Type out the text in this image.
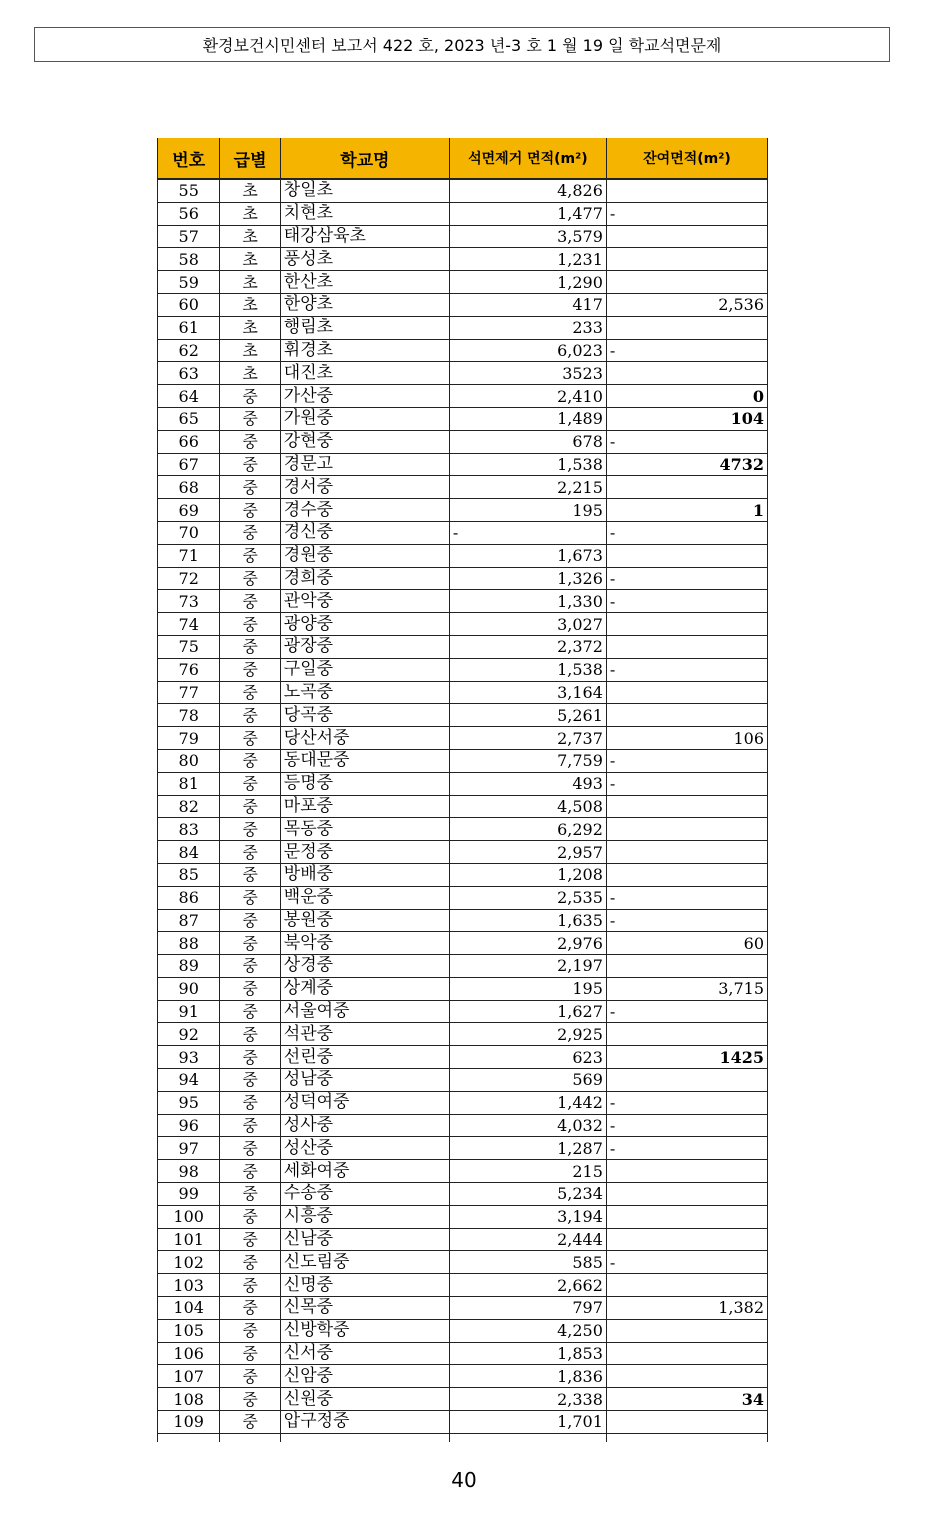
환경보건시민센터 보고서 422 호, 2023 년-3 호 1 월 19 일 학교석면문제
번호	급별	학교명	석면제거 면적(m²)	잔여면적(m²)
55	초	창일초	4,826	
56	초	치현초	1,477	-
57	초	태강삼육초	3,579	
58	초	풍성초	1,231	
59	초	한산초	1,290	
60	초	한양초	417	2,536
61	초	행림초	233	
62	초	휘경초	6,023	-
63	초	대진초	3523	
64	중	가산중	2,410	0
65	중	가원중	1,489	104
66	중	강현중	678	-
67	중	경문고	1,538	4732
68	중	경서중	2,215	
69	중	경수중	195	1
70	중	경신중	-	-
71	중	경원중	1,673	
72	중	경희중	1,326	-
73	중	관악중	1,330	-
74	중	광양중	3,027	
75	중	광장중	2,372	
76	중	구일중	1,538	-
77	중	노곡중	3,164	
78	중	당곡중	5,261	
79	중	당산서중	2,737	106
80	중	동대문중	7,759	-
81	중	등명중	493	-
82	중	마포중	4,508	
83	중	목동중	6,292	
84	중	문정중	2,957	
85	중	방배중	1,208	
86	중	백운중	2,535	-
87	중	봉원중	1,635	-
88	중	북악중	2,976	60
89	중	상경중	2,197	
90	중	상계중	195	3,715
91	중	서울여중	1,627	-
92	중	석관중	2,925	
93	중	선린중	623	1425
94	중	성남중	569	
95	중	성덕여중	1,442	-
96	중	성사중	4,032	-
97	중	성산중	1,287	-
98	중	세화여중	215	
99	중	수송중	5,234	
100	중	시흥중	3,194	
101	중	신남중	2,444	
102	중	신도림중	585	-
103	중	신명중	2,662	
104	중	신목중	797	1,382
105	중	신방학중	4,250	
106	중	신서중	1,853	
107	중	신암중	1,836	
108	중	신원중	2,338	34
109	중	압구정중	1,701	

40
